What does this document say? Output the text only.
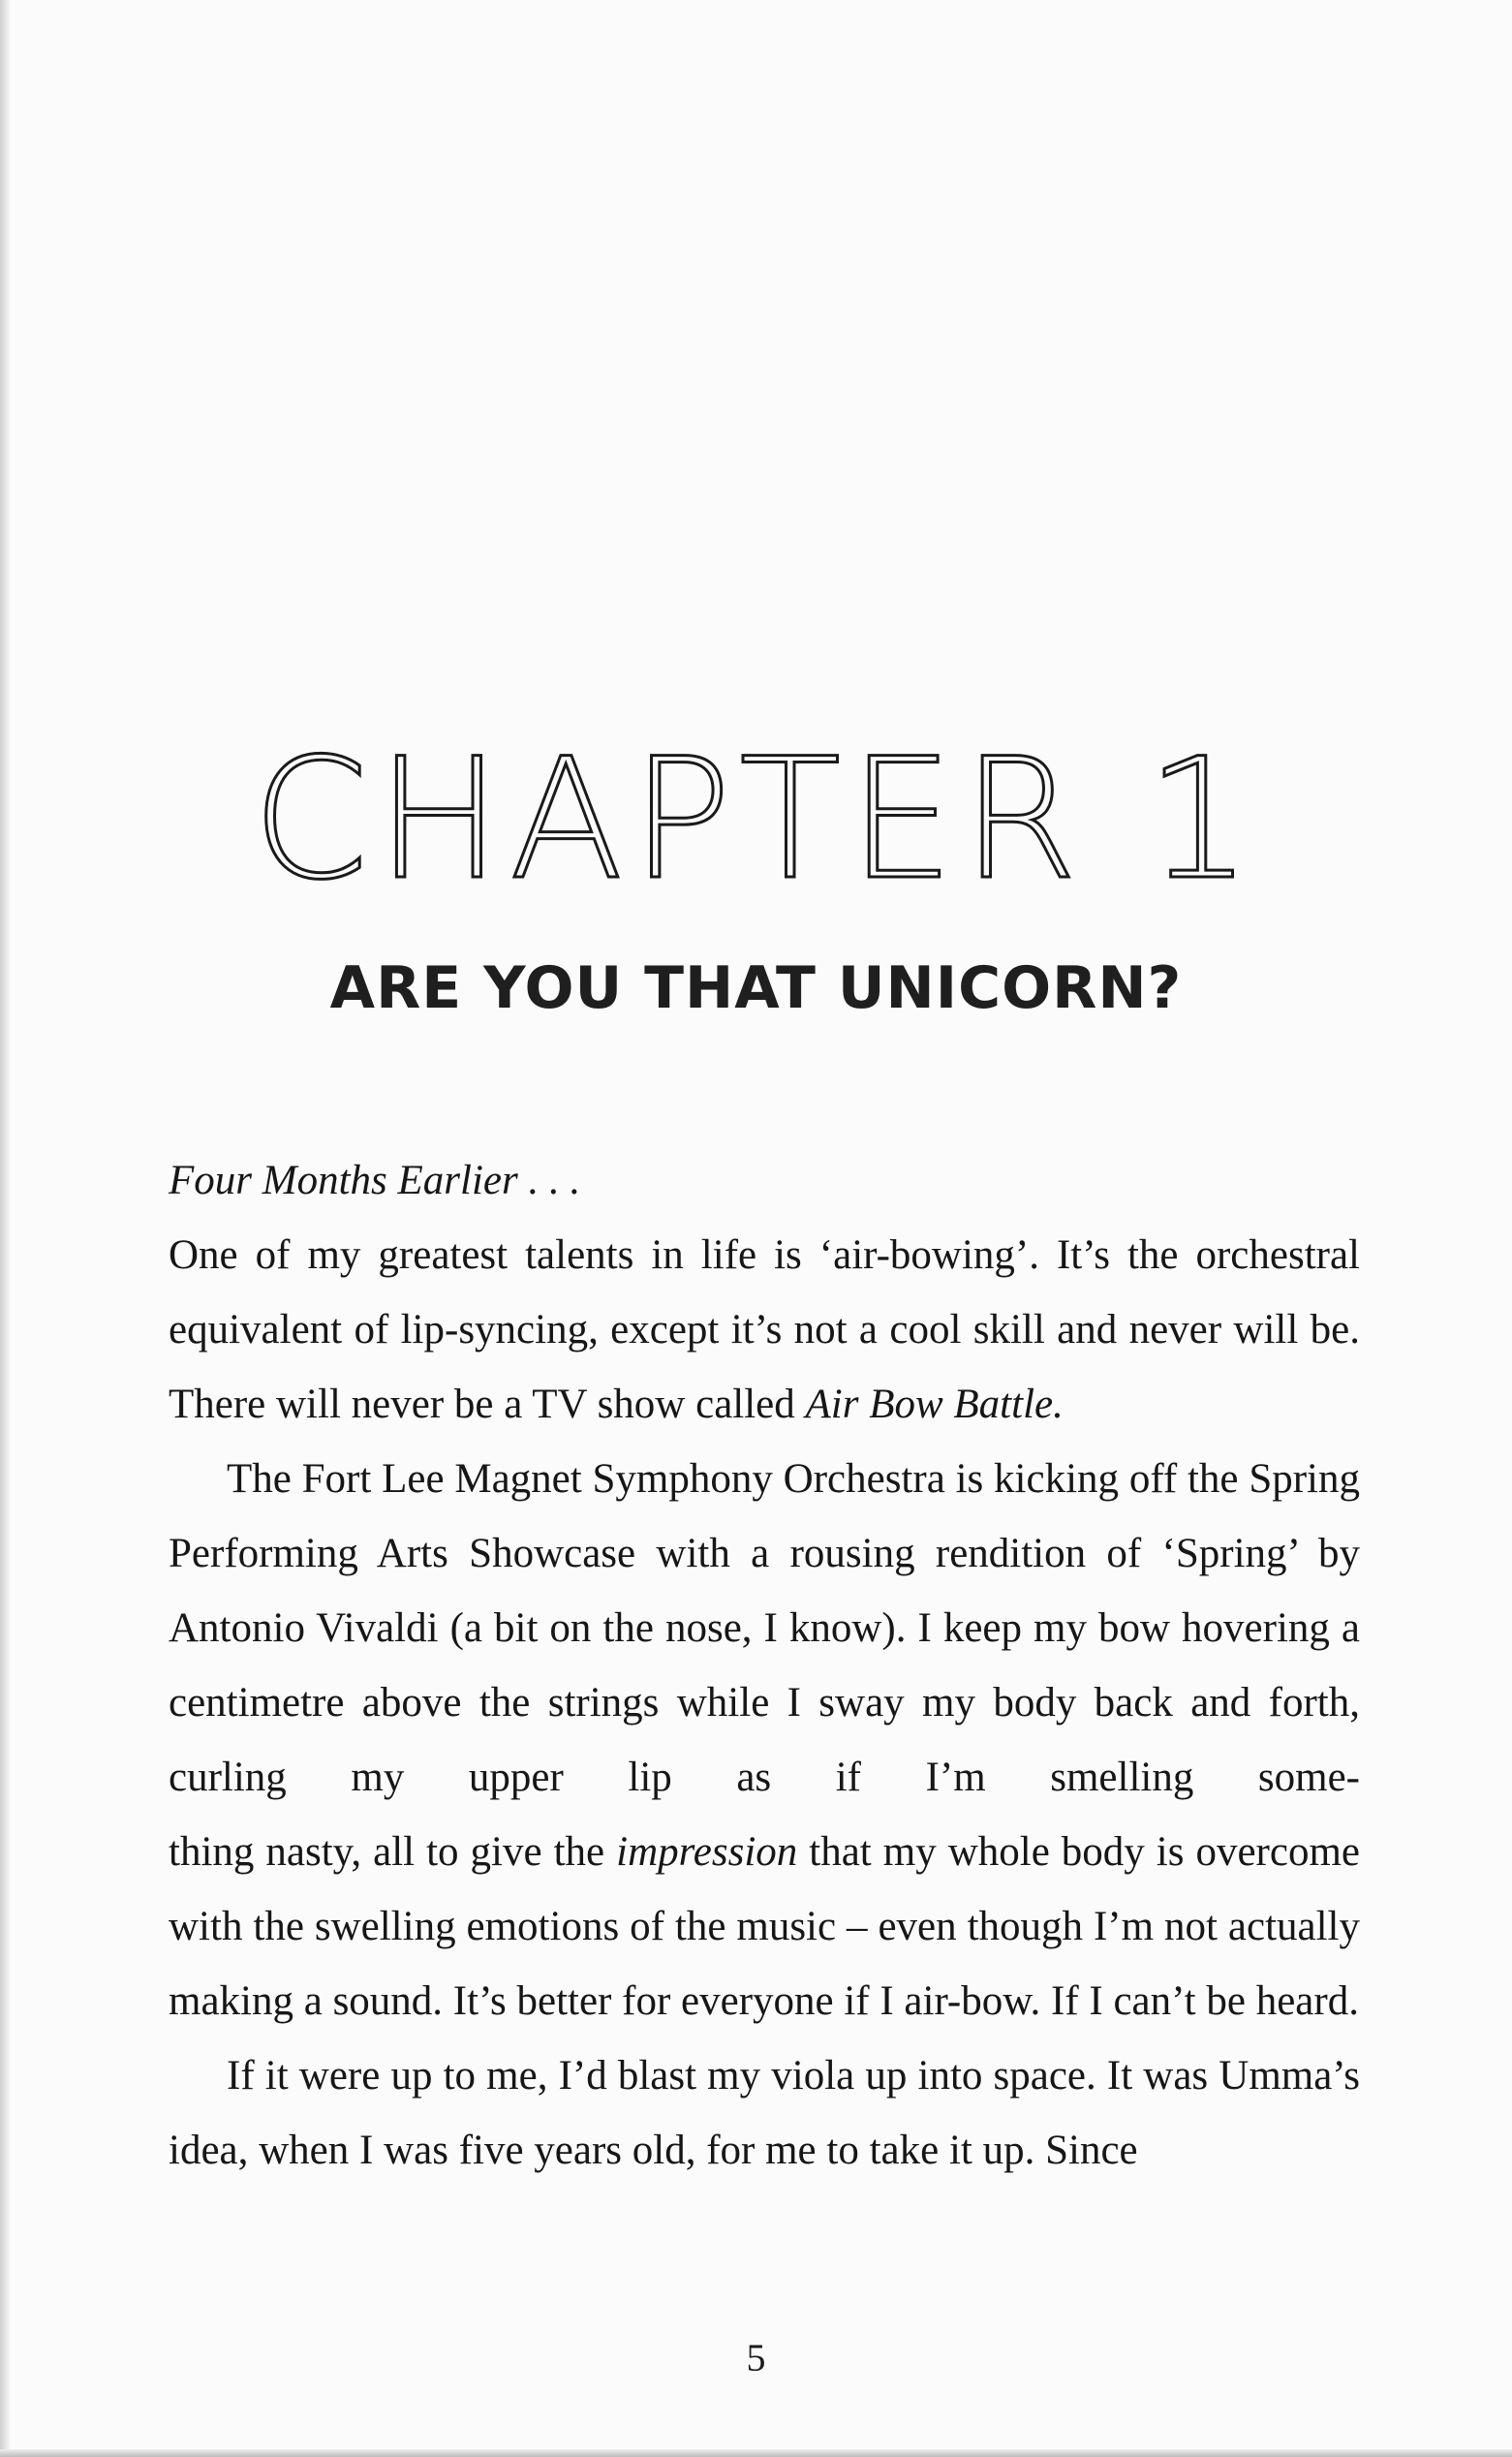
CHAPTER 1
ARE YOU THAT UNICORN?

Four Months Earlier . . .

One of my greatest talents in life is ‘air-bowing’. It’s the orchestral equivalent of lip-syncing, except it’s not a cool skill and never will be. There will never be a TV show called Air Bow Battle.

The Fort Lee Magnet Symphony Orchestra is kicking off the Spring Performing Arts Showcase with a rousing rendition of ‘Spring’ by Antonio Vivaldi (a bit on the nose, I know). I keep my bow hovering a centimetre above the strings while I sway my body back and forth, curling my upper lip as if I’m smelling some-

thing nasty, all to give the impression that my whole body is overcome with the swelling emotions of the music – even though I’m not actually making a sound. It’s better for everyone if I air-bow. If I can’t be heard.

If it were up to me, I’d blast my viola up into space. It was Umma’s idea, when I was five years old, for me to take it up. Since

5
